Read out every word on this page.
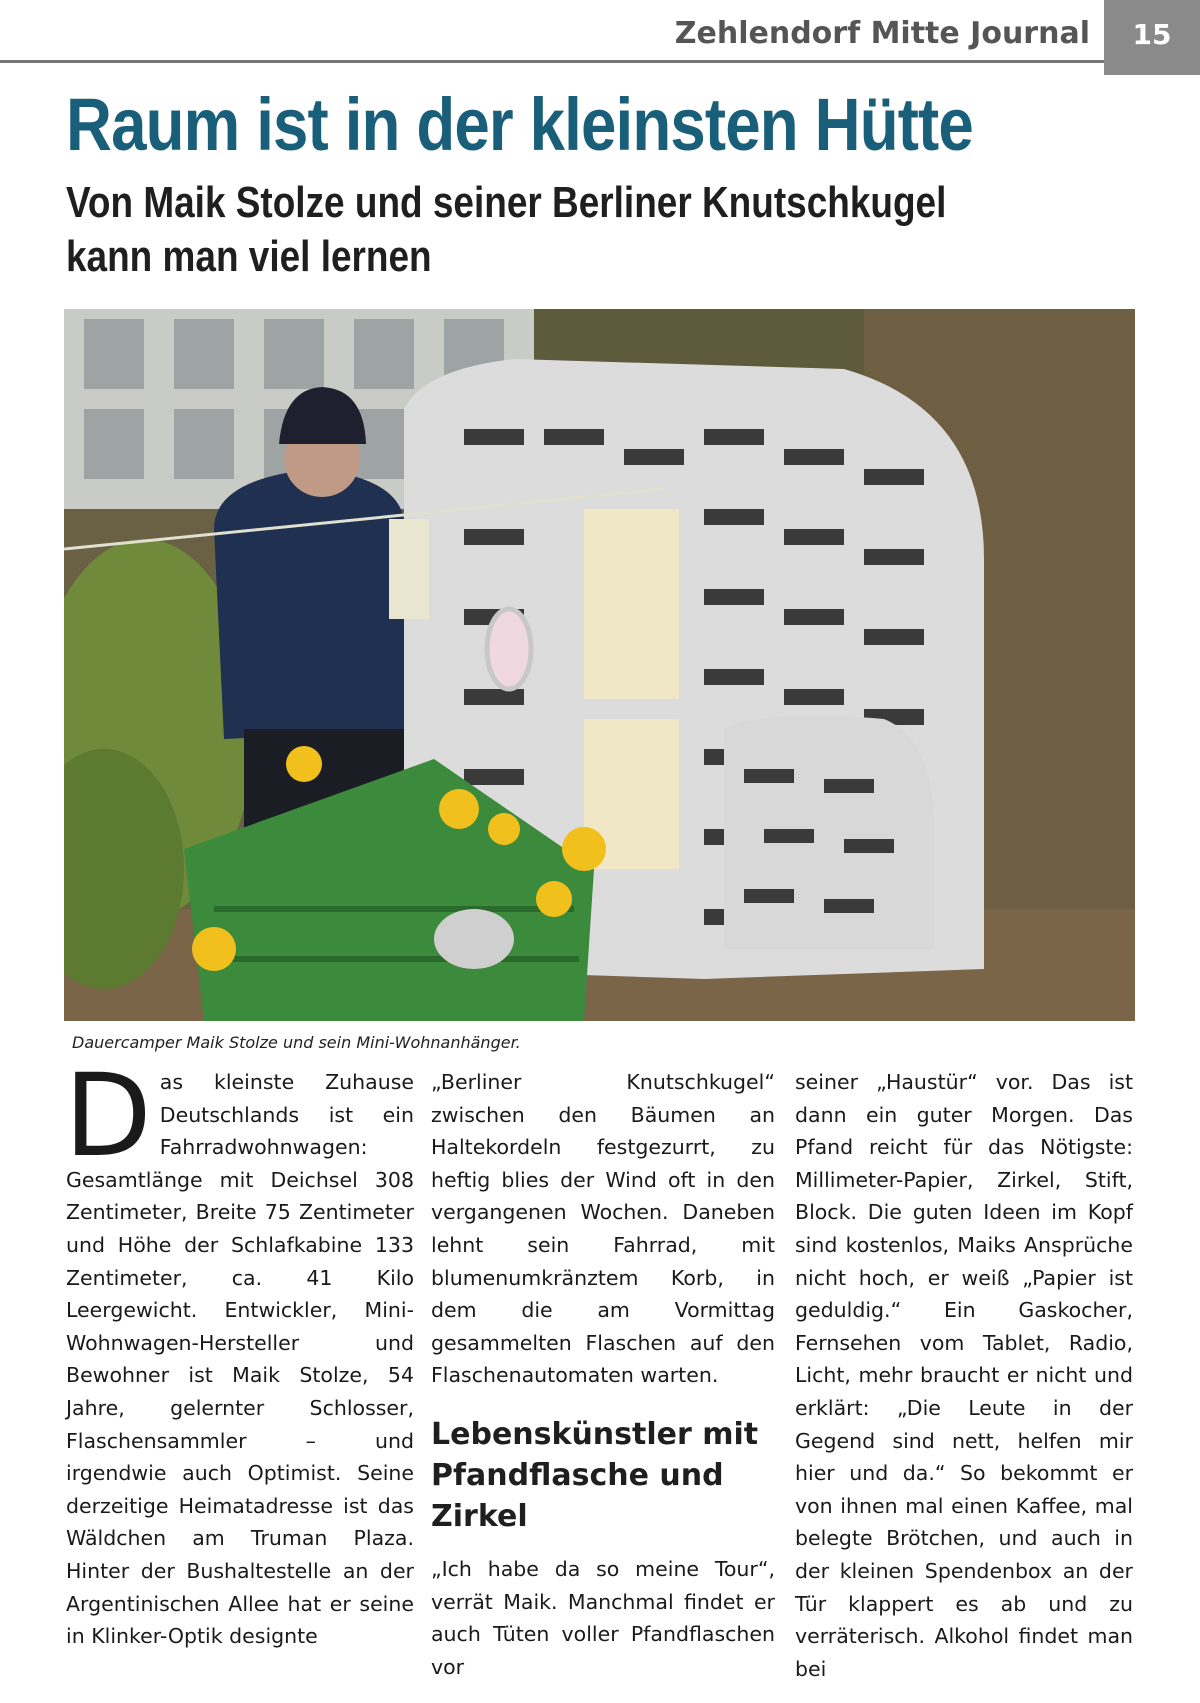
Zehlendorf Mitte Journal	15
Raum ist in der kleinsten Hütte
Von Maik Stolze und seiner Berliner Knutschkugel kann man viel lernen
Dauercamper Maik Stolze und sein Mini-Wohnanhänger.
D as kleinste Zuhause Deutschlands ist ein Fahrradwohnwagen: Gesamtlänge mit Deichsel 308 Zentimeter, Breite 75 Zentimeter und Höhe der Schlafkabine 133 Zentimeter, ca. 41 Kilo Leergewicht. Entwickler, Mini-Wohnwagen-Hersteller und Bewohner ist Maik Stolze, 54 Jahre, gelernter Schlosser, Flaschensammler – und irgendwie auch Optimist. Seine derzeitige Heimatadresse ist das Wäldchen am Truman Plaza. Hinter der Bushaltestelle an der Argentinischen Allee hat er seine in Klinker-Optik designte
„Berliner Knutschkugel“ zwischen den Bäumen an Haltekordeln festgezurrt, zu heftig blies der Wind oft in den vergangenen Wochen. Daneben lehnt sein Fahrrad, mit blumenumkränztem Korb, in dem die am Vormittag gesammelten Flaschen auf den Flaschenautomaten warten.
Lebenskünstler mit Pfandflasche und Zirkel
„Ich habe da so meine Tour“, verrät Maik. Manchmal findet er auch Tüten voller Pfandflaschen vor
seiner „Haustür“ vor. Das ist dann ein guter Morgen. Das Pfand reicht für das Nötigste: Millimeter-Papier, Zirkel, Stift, Block. Die guten Ideen im Kopf sind kostenlos, Maiks Ansprüche nicht hoch, er weiß „Papier ist geduldig.“ Ein Gaskocher, Fernsehen vom Tablet, Radio, Licht, mehr braucht er nicht und erklärt: „Die Leute in der Gegend sind nett, helfen mir hier und da.“ So bekommt er von ihnen mal einen Kaffee, mal belegte Brötchen, und auch in der kleinen Spendenbox an der Tür klappert es ab und zu verräterisch. Alkohol findet man bei
